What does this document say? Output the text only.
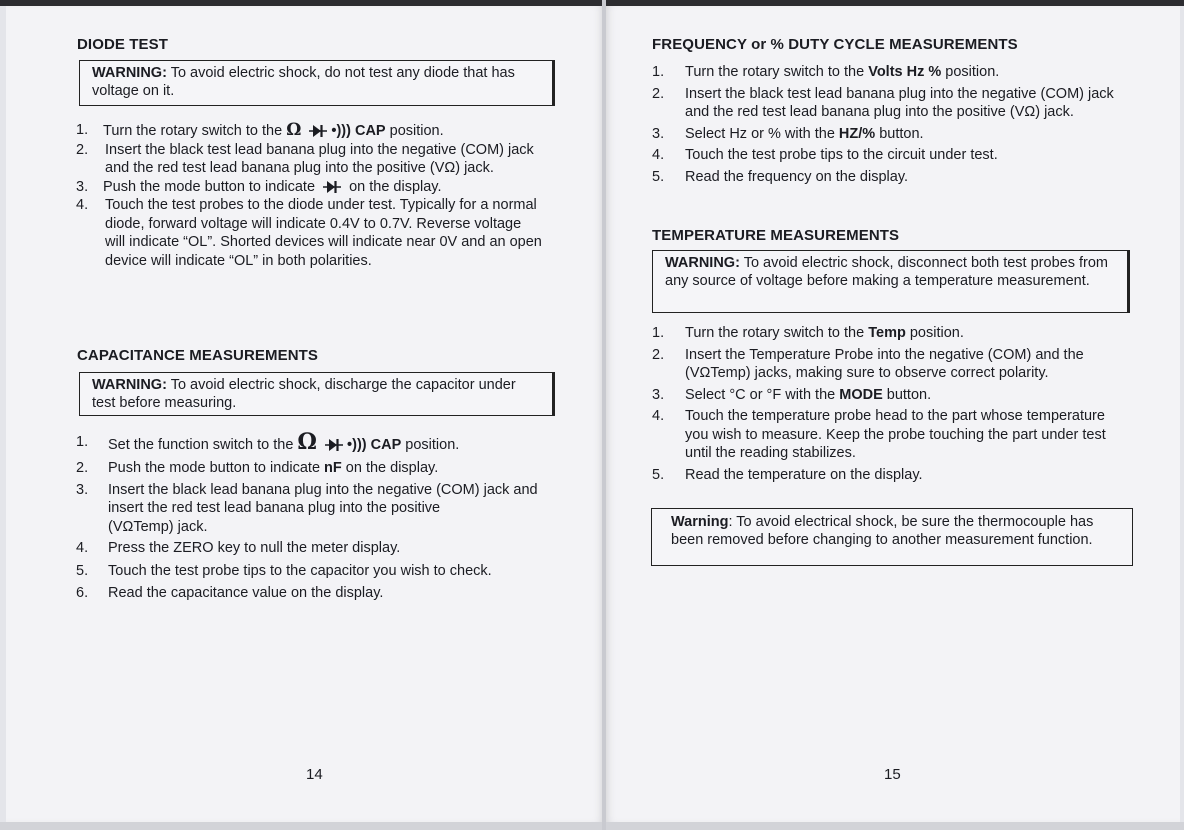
DIODE TEST
WARNING: To avoid electric shock, do not test any diode that has voltage on it.
1.	Turn the rotary switch to the Ω •))) CAP position.
2.	Insert the black test lead banana plug into the negative (COM) jack and the red test lead banana plug into the positive (VΩ) jack.
3.	Push the mode button to indicate  on the display.
4.	Touch the test probes to the diode under test. Typically for a normal diode, forward voltage will indicate 0.4V to 0.7V. Reverse voltage will indicate “OL”. Shorted devices will indicate near 0V and an open device will indicate “OL” in both polarities.
CAPACITANCE MEASUREMENTS
WARNING: To avoid electric shock, discharge the capacitor under test before measuring.
1.	Set the function switch to the Ω •))) CAP position.
2.	Push the mode button to indicate nF on the display.
3.	Insert the black lead banana plug into the negative (COM) jack and
insert the red test lead banana plug into the positive (VΩTemp) jack.
4.	Press the ZERO key to null the meter display.
5.	Touch the test probe tips to the capacitor you wish to check.
6.	Read the capacitance value on the display.
14
FREQUENCY or % DUTY CYCLE MEASUREMENTS
1.	Turn the rotary switch to the Volts Hz % position.
2.	Insert the black test lead banana plug into the negative (COM) jack and the red test lead banana plug into the positive (VΩ) jack.
3.	Select Hz or % with the HZ/% button.
4.	Touch the test probe tips to the circuit under test.
5.	Read the frequency on the display.
TEMPERATURE MEASUREMENTS
WARNING: To avoid electric shock, disconnect both test probes from any source of voltage before making a temperature measurement.
1.	Turn the rotary switch to the Temp position.
2.	Insert the Temperature Probe into the negative (COM) and the (VΩTemp) jacks, making sure to observe correct polarity.
3.	Select °C or °F with the MODE button.
4.	Touch the temperature probe head to the part whose temperature you wish to measure. Keep the probe touching the part under test until the reading stabilizes.
5.	Read the temperature on the display.
Warning: To avoid electrical shock, be sure the thermocouple has been removed before changing to another measurement function.
15
